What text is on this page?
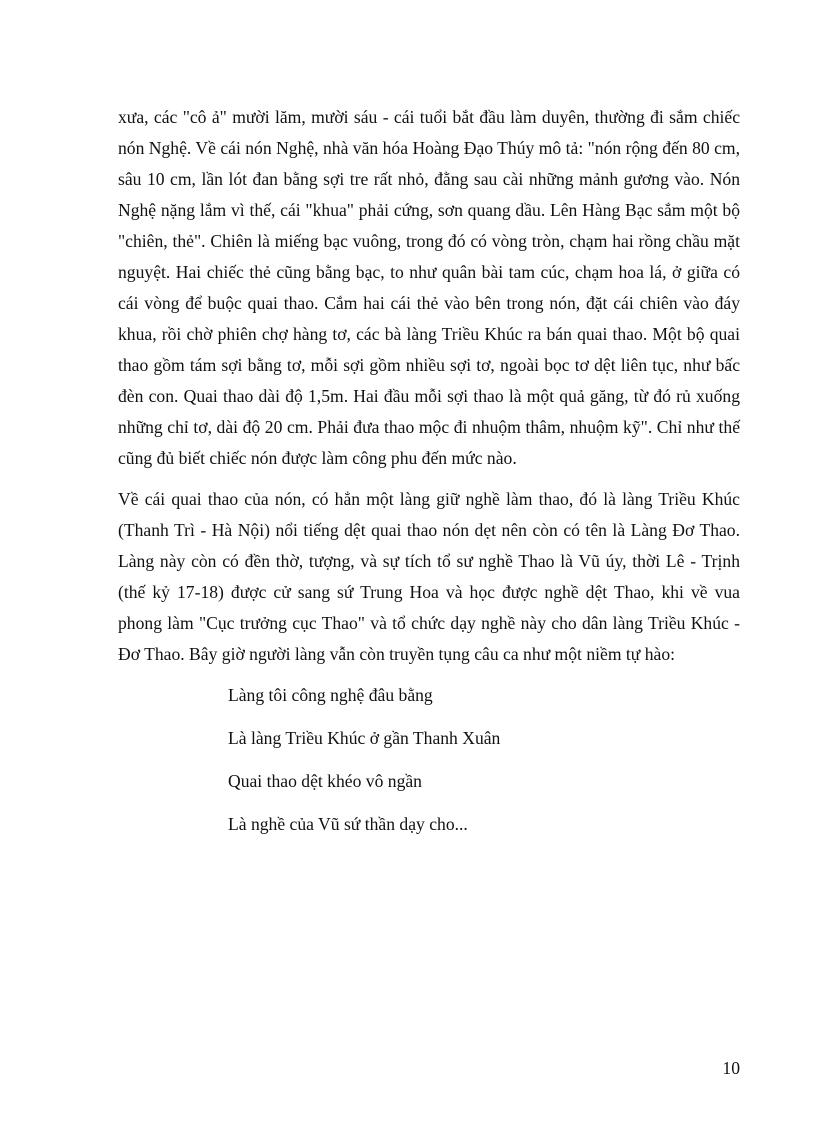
xưa, các "cô ả" mười lăm, mười sáu - cái tuổi bắt đầu làm duyên, thường đi sắm chiếc nón Nghệ. Về cái nón Nghệ, nhà văn hóa Hoàng Đạo Thúy mô tả: "nón rộng đến 80 cm, sâu 10 cm, lần lót đan bằng sợi tre rất nhỏ, đằng sau cài những mảnh gương vào. Nón Nghệ nặng lắm vì thế, cái "khua" phải cứng, sơn quang dầu. Lên Hàng Bạc sắm một bộ "chiên, thẻ". Chiên là miếng bạc vuông, trong đó có vòng tròn, chạm hai rồng chầu mặt nguyệt. Hai chiếc thẻ cũng bằng bạc, to như quân bài tam cúc, chạm hoa lá, ở giữa có cái vòng để buộc quai thao. Cắm hai cái thẻ vào bên trong nón, đặt cái chiên vào đáy khua, rồi chờ phiên chợ hàng tơ, các bà làng Triều Khúc ra bán quai thao. Một bộ quai thao gồm tám sợi bằng tơ, mỗi sợi gồm nhiều sợi tơ, ngoài bọc tơ dệt liên tục, như bấc đèn con. Quai thao dài độ 1,5m. Hai đầu mỗi sợi thao là một quả găng, từ đó rủ xuống những chỉ tơ, dài độ 20 cm. Phải đưa thao mộc đi nhuộm thâm, nhuộm kỹ". Chỉ như thế cũng đủ biết chiếc nón được làm công phu đến mức nào.

Về cái quai thao của nón, có hẳn một làng giữ nghề làm thao, đó là làng Triều Khúc (Thanh Trì - Hà Nội) nổi tiếng dệt quai thao nón dẹt nên còn có tên là Làng Đơ Thao. Làng này còn có đền thờ, tượng, và sự tích tổ sư nghề Thao là Vũ úy, thời Lê - Trịnh (thế kỷ 17-18) được cử sang sứ Trung Hoa và học được nghề dệt Thao, khi về vua phong làm "Cục trưởng cục Thao" và tổ chức dạy nghề này cho dân làng Triều Khúc - Đơ Thao. Bây giờ người làng vẫn còn truyền tụng câu ca như một niềm tự hào:

Làng tôi công nghệ đâu bằng
Là làng Triều Khúc ở gần Thanh Xuân
Quai thao dệt khéo vô ngần
Là nghề của Vũ sứ thần dạy cho...
10
